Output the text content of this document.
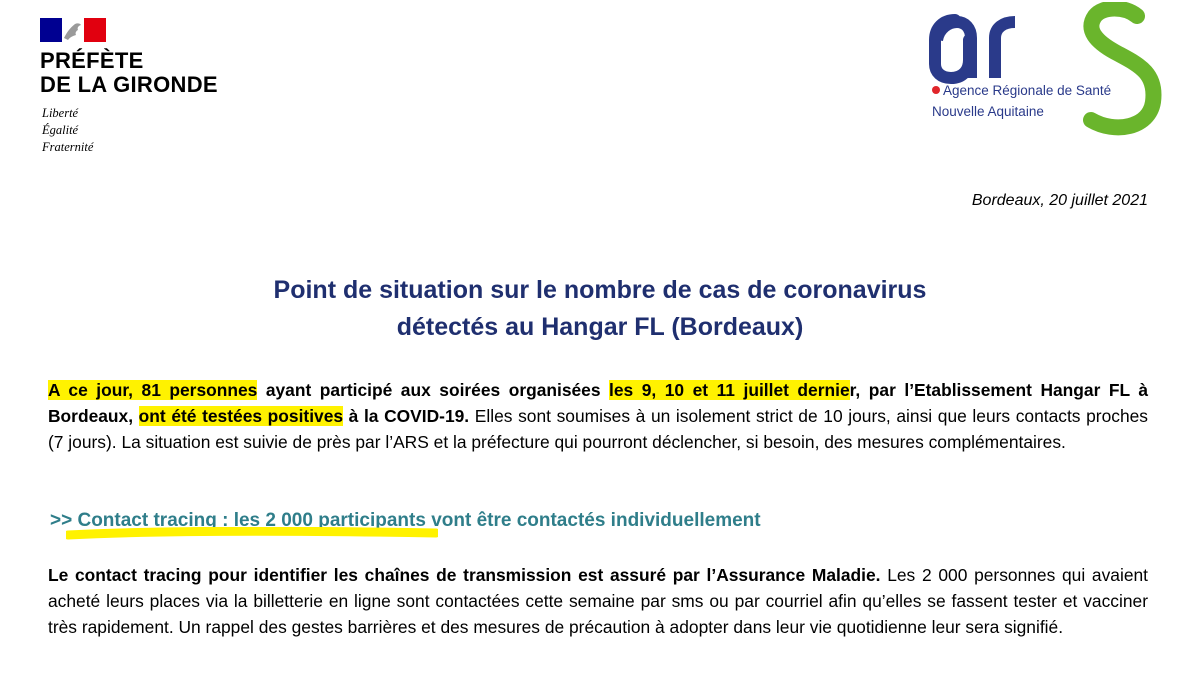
PRÉFÈTE
DE LA GIRONDE
Liberté
Égalité
Fraternité
Agence Régionale de Santé
Nouvelle Aquitaine
Bordeaux, 20 juillet 2021
Point de situation sur le nombre de cas de coronavirus
détectés au Hangar FL (Bordeaux)
A ce jour, 81 personnes ayant participé aux soirées organisées les 9, 10 et 11 juillet dernier, par l’Etablissement Hangar FL à Bordeaux, ont été testées positives à la COVID-19. Elles sont soumises à un isolement strict de 10 jours, ainsi que leurs contacts proches (7 jours). La situation est suivie de près par l’ARS et la préfecture qui pourront déclencher, si besoin, des mesures complémentaires.
>> Contact tracing : les 2 000 participants vont être contactés individuellement
Le contact tracing pour identifier les chaînes de transmission est assuré par l’Assurance Maladie. Les 2 000 personnes qui avaient acheté leurs places via la billetterie en ligne sont contactées cette semaine par sms ou par courriel afin qu’elles se fassent tester et vacciner très rapidement. Un rappel des gestes barrières et des mesures de précaution à adopter dans leur vie quotidienne leur sera signifié.
